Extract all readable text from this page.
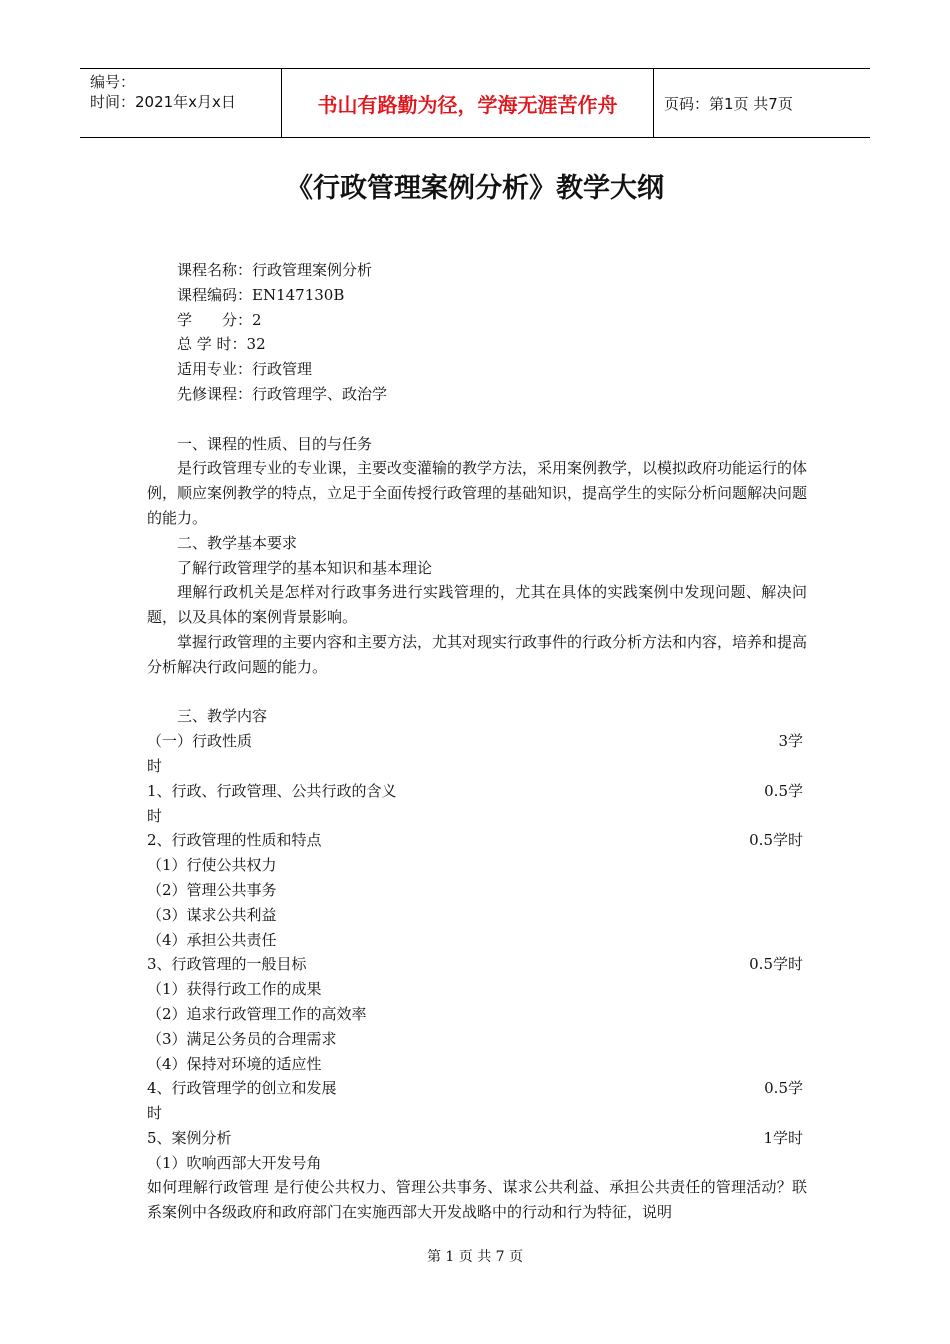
编号：
时间：2021年x月x日	书山有路勤为径，学海无涯苦作舟	页码：第1页 共7页
《行政管理案例分析》教学大纲
课程名称：行政管理案例分析
课程编码：EN147130B
学　　分：2
总 学 时：32
适用专业：行政管理
先修课程：行政管理学、政治学
一、课程的性质、目的与任务
是行政管理专业的专业课，主要改变灌输的教学方法，采用案例教学，以模拟政府功能运行的体例，顺应案例教学的特点，立足于全面传授行政管理的基础知识，提高学生的实际分析问题解决问题的能力。
二、教学基本要求
了解行政管理学的基本知识和基本理论
理解行政机关是怎样对行政事务进行实践管理的，尤其在具体的实践案例中发现问题、解决问题，以及具体的案例背景影响。
掌握行政管理的主要内容和主要方法，尤其对现实行政事件的行政分析方法和内容，培养和提高分析解决行政问题的能力。
三、教学内容
（一）行政性质	3学
时
1、行政、行政管理、公共行政的含义	0.5学
时
2、行政管理的性质和特点	0.5学时
（1）行使公共权力
（2）管理公共事务
（3）谋求公共利益
（4）承担公共责任
3、行政管理的一般目标	0.5学时
（1）获得行政工作的成果
（2）追求行政管理工作的高效率
（3）满足公务员的合理需求
（4）保持对环境的适应性
4、行政管理学的创立和发展	0.5学
时
5、案例分析	1学时
（1）吹响西部大开发号角
如何理解行政管理 是行使公共权力、管理公共事务、谋求公共利益、承担公共责任的管理活动？联系案例中各级政府和政府部门在实施西部大开发战略中的行动和行为特征，说明
第 1 页 共 7 页
